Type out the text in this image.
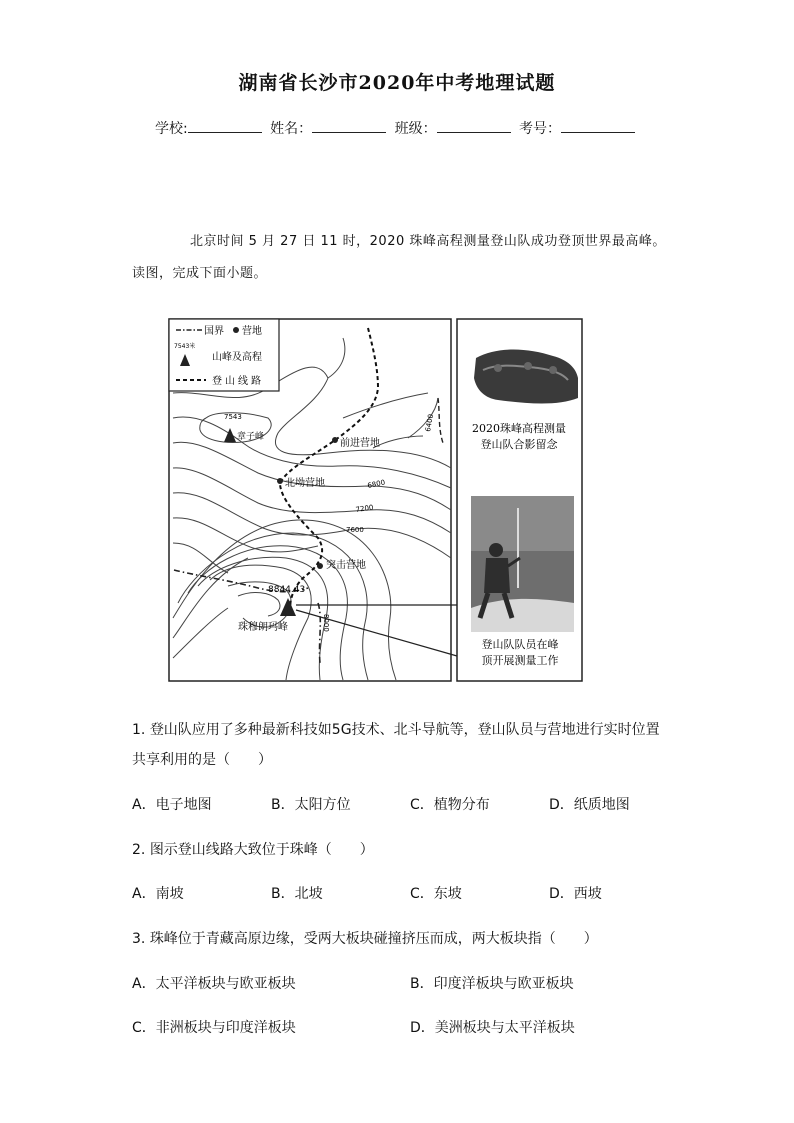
湖南省长沙市2020年中考地理试题
学校:	姓名：	班级：	考号：
北京时间 5 月 27 日 11 时，2020 珠峰高程测量登山队成功登顶世界最高峰。
读图，完成下面小题。
国界 营地
7543米
山峰及高程
登山线路
7543
章子峰
前进营地
北坳营地
突击营地
6800
7200
7600
8000
6400
8844.43
珠穆朗玛峰
2020珠峰高程测量
登山队合影留念
登山队队员在峰
顶开展测量工作
1. 登山队应用了多种最新科技如5G技术、北斗导航等，登山队员与营地进行实时位置
共享利用的是（　　）
A．电子地图	B．太阳方位	C．植物分布	D．纸质地图
2. 图示登山线路大致位于珠峰（　　）
A．南坡	B．北坡	C．东坡	D．西坡
3. 珠峰位于青藏高原边缘，受两大板块碰撞挤压而成，两大板块指（　　）
A．太平洋板块与欧亚板块	B．印度洋板块与欧亚板块
C．非洲板块与印度洋板块	D．美洲板块与太平洋板块
